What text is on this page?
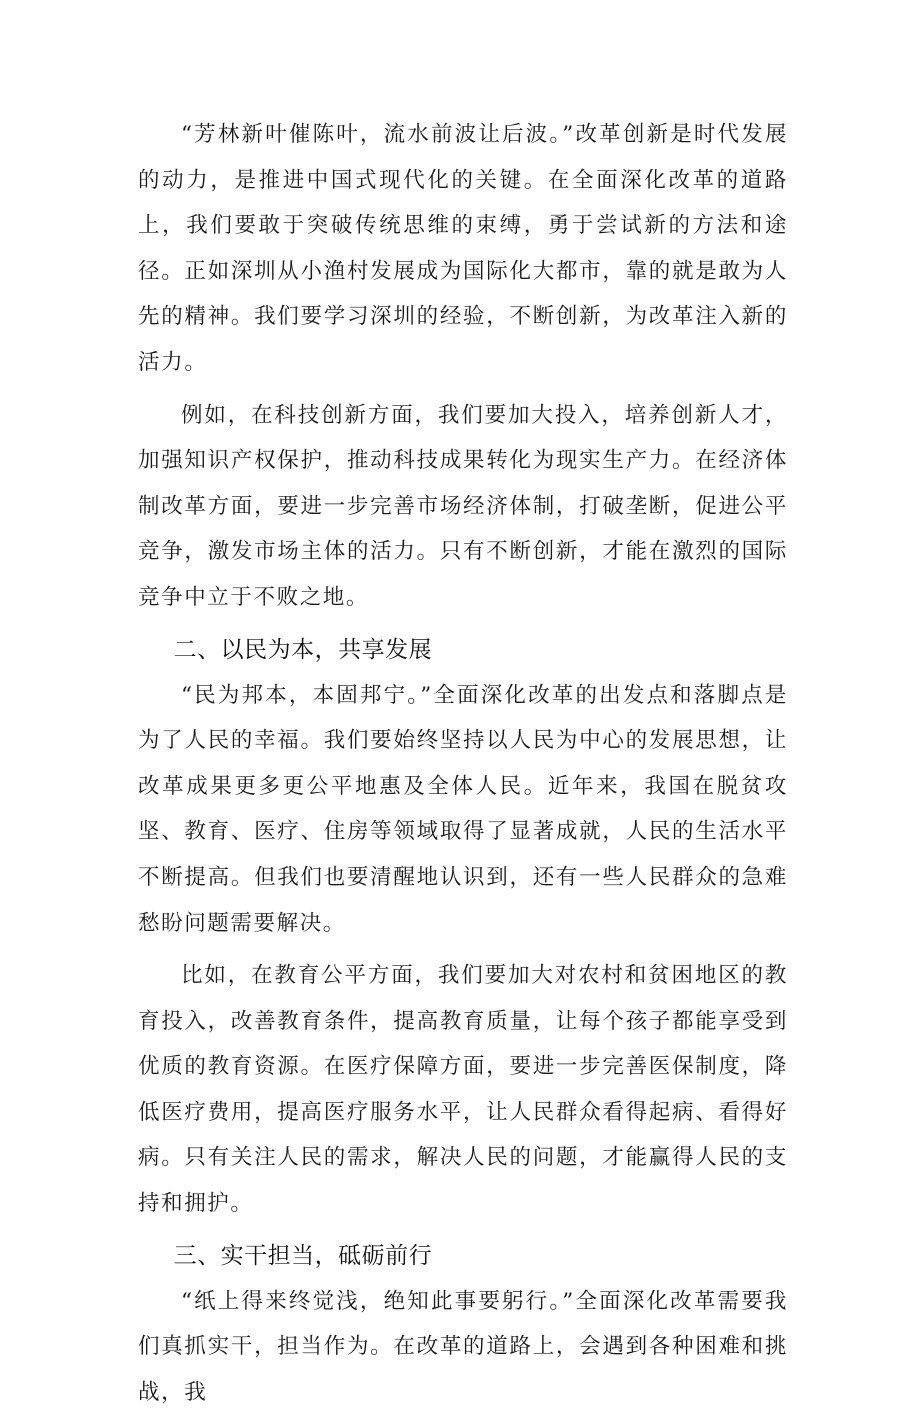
“芳林新叶催陈叶，流水前波让后波。”改革创新是时代发展的动力，是推进中国式现代化的关键。在全面深化改革的道路上，我们要敢于突破传统思维的束缚，勇于尝试新的方法和途径。正如深圳从小渔村发展成为国际化大都市，靠的就是敢为人先的精神。我们要学习深圳的经验，不断创新，为改革注入新的活力。

例如，在科技创新方面，我们要加大投入，培养创新人才，加强知识产权保护，推动科技成果转化为现实生产力。在经济体制改革方面，要进一步完善市场经济体制，打破垄断，促进公平竞争，激发市场主体的活力。只有不断创新，才能在激烈的国际竞争中立于不败之地。

二、以民为本，共享发展

“民为邦本，本固邦宁。”全面深化改革的出发点和落脚点是为了人民的幸福。我们要始终坚持以人民为中心的发展思想，让改革成果更多更公平地惠及全体人民。近年来，我国在脱贫攻坚、教育、医疗、住房等领域取得了显著成就，人民的生活水平不断提高。但我们也要清醒地认识到，还有一些人民群众的急难愁盼问题需要解决。

比如，在教育公平方面，我们要加大对农村和贫困地区的教育投入，改善教育条件，提高教育质量，让每个孩子都能享受到优质的教育资源。在医疗保障方面，要进一步完善医保制度，降低医疗费用，提高医疗服务水平，让人民群众看得起病、看得好病。只有关注人民的需求，解决人民的问题，才能赢得人民的支持和拥护。

三、实干担当，砥砺前行

“纸上得来终觉浅，绝知此事要躬行。”全面深化改革需要我们真抓实干，担当作为。在改革的道路上，会遇到各种困难和挑战，我
